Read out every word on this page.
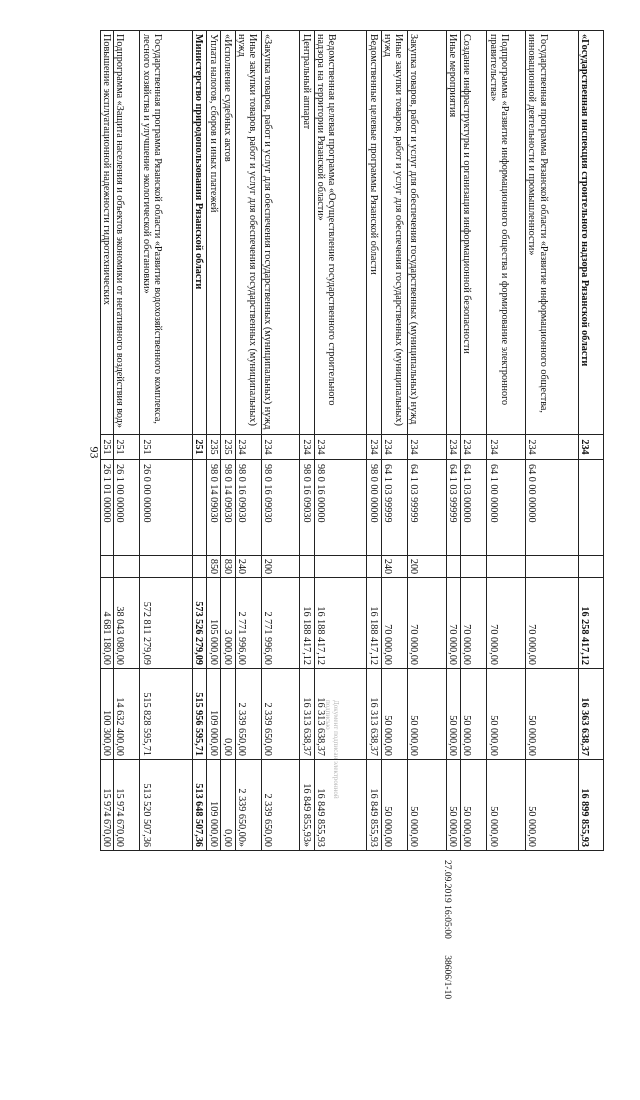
93
«Государственная инспекция строительного надзора Рязанской области	234			16 258 417,12	16 363 638,37	16 899 855,93
Государственная программа Рязанской области «Развитие информационного общества, инновационной деятельности и промышленности»	234	64 0 00 00000		70 000,00	50 000,00	50 000,00
Подпрограмма «Развитие информационного общества и формирование электронного правительства»	234	64 1 00 00000		70 000,00	50 000,00	50 000,00
Создание инфраструктуры и организация информационной безопасности	234	64 1 03 00000		70 000,00	50 000,00	50 000,00
Иные мероприятия	234	64 1 03 99999		70 000,00	50 000,00	50 000,00
Закупка товаров, работ и услуг для обеспечения государственных (муниципальных) нужд	234	64 1 03 99999	200	70 000,00	50 000,00	50 000,00
Иные закупки товаров, работ и услуг для обеспечения государственных (муниципальных) нужд	234	64 1 03 99999	240	70 000,00	50 000,00	50 000,00
Ведомственные целевые программы Рязанской области	234	98 0 00 00000		16 188 417,12	16 313 638,37	16 849 855,93
Ведомственная целевая программа «Осуществление государственного строительного надзора на территории Рязанской области»	234	98 0 16 00000		16 188 417,12	16 313 638,37	16 849 855,93
Центральный аппарат	234	98 0 16 09030		16 188 417,12	16 313 638,37	16 849 855,93»
«Закупка товаров, работ и услуг для обеспечения государственных (муниципальных) нужд	234	98 0 16 09030	200	2 771 996,00	2 339 650,00	2 339 650,00
Иные закупки товаров, работ и услуг для обеспечения государственных (муниципальных) нужд	234	98 0 16 09030	240	2 771 996,00	2 339 650,00	2 339 650,00»
«Исполнение судебных актов	235	98 0 14 09030	830	3 000,00	0,00	0,00
Уплата налогов, сборов и иных платежей	235	98 0 14 09030	850	105 000,00	109 000,00	109 000,00
Министерство природопользования Рязанской области	251			573 526 279,09	515 956 595,71	513 648 507,36
Государственная программа Рязанской области «Развитие водохозяйственного комплекса, лесного хозяйства и улучшение экологической обстановки»	251	26 0 00 00000		572 811 279,09	515 828 595,71	513 520 507,36
Подпрограмма «Защита населения и объектов экономики от негативного воздействия вод»	251	26 1 00 00000		38 043 080,00	14 632 400,00	15 974 670,00
Повышение эксплуатационной надежности гидротехнических	251	26 1 01 00000		4 681 180,00	100 300,00	15 974 670,00
27.09.2019 16:05:00 38606/1-10
Документ подписан электронной
подписью
